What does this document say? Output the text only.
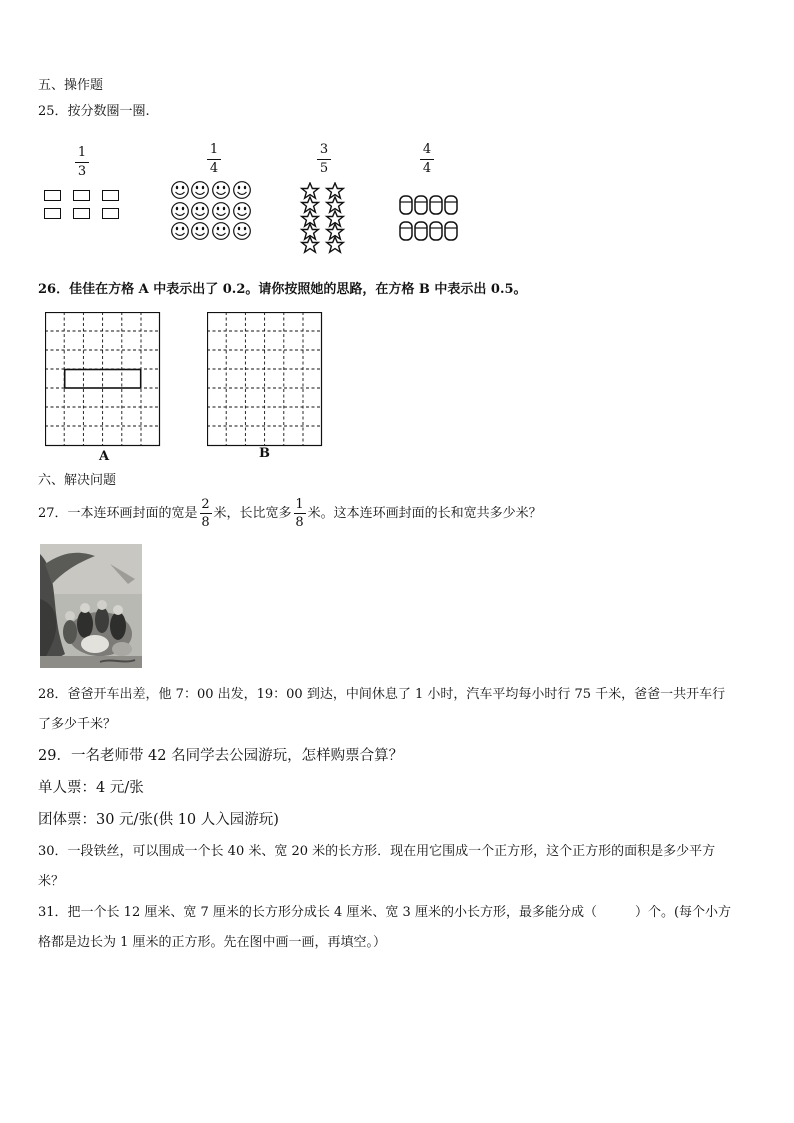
五、操作题
25．按分数圈一圈.
1
3
1
4
3
5
4
4
26．佳佳在方格 A 中表示出了 0.2。请你按照她的思路，在方格 B 中表示出 0.5。
A	B
六、解决问题
27．一本连环画封面的宽是 $\frac{2}{8}$ 米，长比宽多 $\frac{1}{8}$ 米。这本连环画封面的长和宽共多少米？
28．爸爸开车出差，他 7：00 出发，19：00 到达，中间休息了 1 小时，汽车平均每小时行 75 千米，爸爸一共开车行
了多少千米？
29．一名老师带 42 名同学去公园游玩，怎样购票合算？
单人票：4 元/张
团体票：30 元/张(供 10 人入园游玩)
30．一段铁丝，可以围成一个长 40 米、宽 20 米的长方形．现在用它围成一个正方形，这个正方形的面积是多少平方
米？
31．把一个长 12 厘米、宽 7 厘米的长方形分成长 4 厘米、宽 3 厘米的小长方形，最多能分成（	）个。(每个小方
格都是边长为 1 厘米的正方形。先在图中画一画，再填空。）
